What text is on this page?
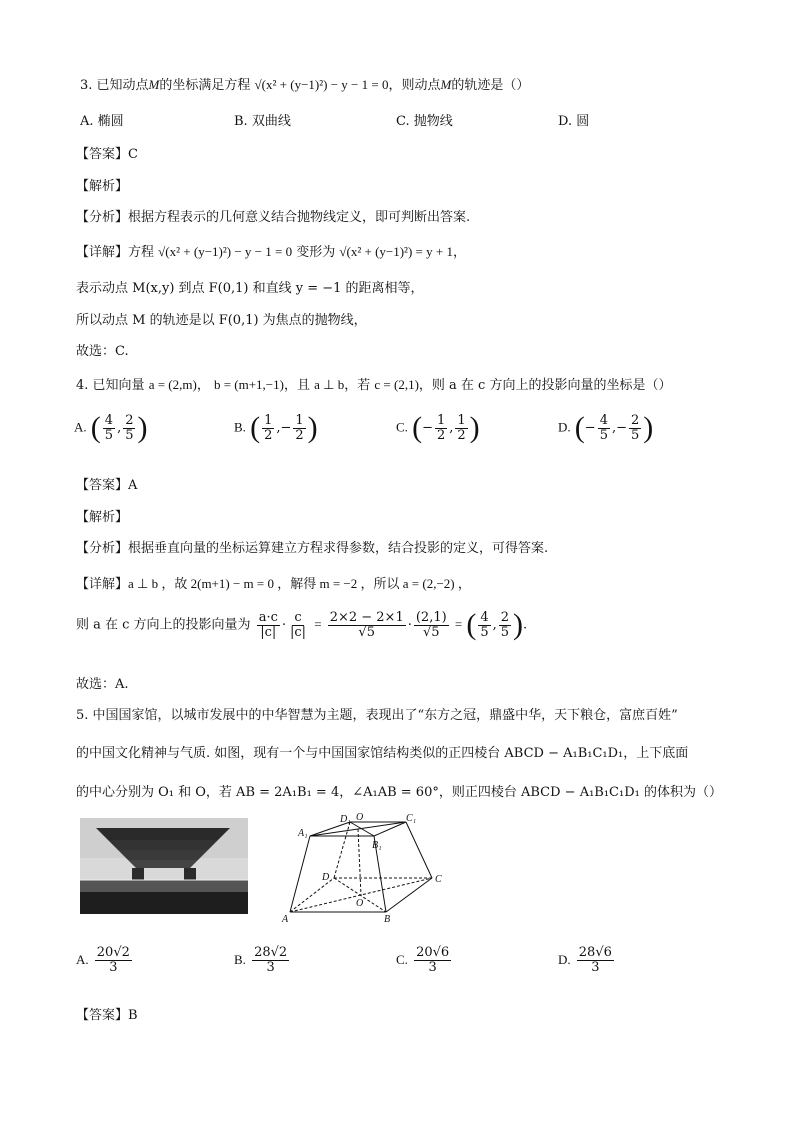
3. 已知动点M的坐标满足方程 √(x² + (y−1)²) − y − 1 = 0，则动点M的轨迹是（）
A. 椭圆	B. 双曲线	C. 抛物线	D. 圆
【答案】C
【解析】
【分析】根据方程表示的几何意义结合抛物线定义，即可判断出答案.
【详解】方程 √(x² + (y−1)²) − y − 1 = 0 变形为 √(x² + (y−1)²) = y + 1，
表示动点 M(x,y) 到点 F(0,1) 和直线 y = −1 的距离相等，
所以动点 M 的轨迹是以 F(0,1) 为焦点的抛物线，
故选：C.
4. 已知向量 a = (2,m)， b = (m+1,−1)，且 a ⊥ b，若 c = (2,1)，则 a 在 c 方向上的投影向量的坐标是（）
A. ( $\frac{4}{5}$ , $\frac{2}{5}$ )	B. ( $\frac{1}{2}$ ,− $\frac{1}{2}$ )	C. (− $\frac{1}{2}$ , $\frac{1}{2}$ )	D. (− $\frac{4}{5}$ ,− $\frac{2}{5}$ )
【答案】A
【解析】
【分析】根据垂直向量的坐标运算建立方程求得参数，结合投影的定义，可得答案.
【详解】a ⊥ b ，故 2(m+1) − m = 0 ，解得 m = −2 ，所以 a = (2,−2) ，
则 a 在 c 方向上的投影向量为 $\frac{a\cdot c}{|c|} \cdot \frac{c}{|c|} = \frac{2\times 2 - 2\times 1}{√5} \cdot \frac{(2,1)}{√5}$ = ( $\frac{4}{5}$ , $\frac{2}{5}$ ).
故选：A.
5. 中国国家馆，以城市发展中的中华智慧为主题，表现出了“东方之冠，鼎盛中华，天下粮仓，富庶百姓”
的中国文化精神与气质. 如图，现有一个与中国国家馆结构类似的正四棱台 ABCD − A₁B₁C₁D₁，上下底面
的中心分别为 O₁ 和 O，若 AB = 2A₁B₁ = 4，∠A₁AB = 60°，则正四棱台 ABCD − A₁B₁C₁D₁ 的体积为（）
D₁ O	C₁
A₁
B₁
D	C
O
A	B
A. $\frac{20√2}{3}$	B. $\frac{28√2}{3}$	C. $\frac{20√6}{3}$	D. $\frac{28√6}{3}$
【答案】B
